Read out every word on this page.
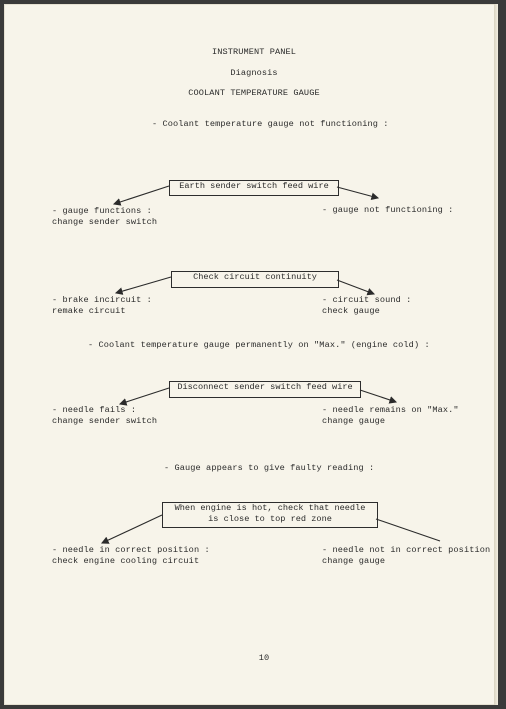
INSTRUMENT PANEL
Diagnosis
COOLANT TEMPERATURE GAUGE
- Coolant temperature gauge not functioning :
Earth sender switch feed wire
- gauge functions :
change sender switch
- gauge not functioning :
Check circuit continuity
- brake incircuit :
remake circuit
- circuit sound :
check gauge
- Coolant temperature gauge permanently on "Max." (engine cold) :
Disconnect sender switch feed wire
- needle fails :
change sender switch
- needle remains on "Max."
change gauge
- Gauge appears to give faulty reading :
When engine is hot, check that needle
is close to top red zone
- needle in correct position :
check engine cooling circuit
- needle not in correct position
change gauge
10
